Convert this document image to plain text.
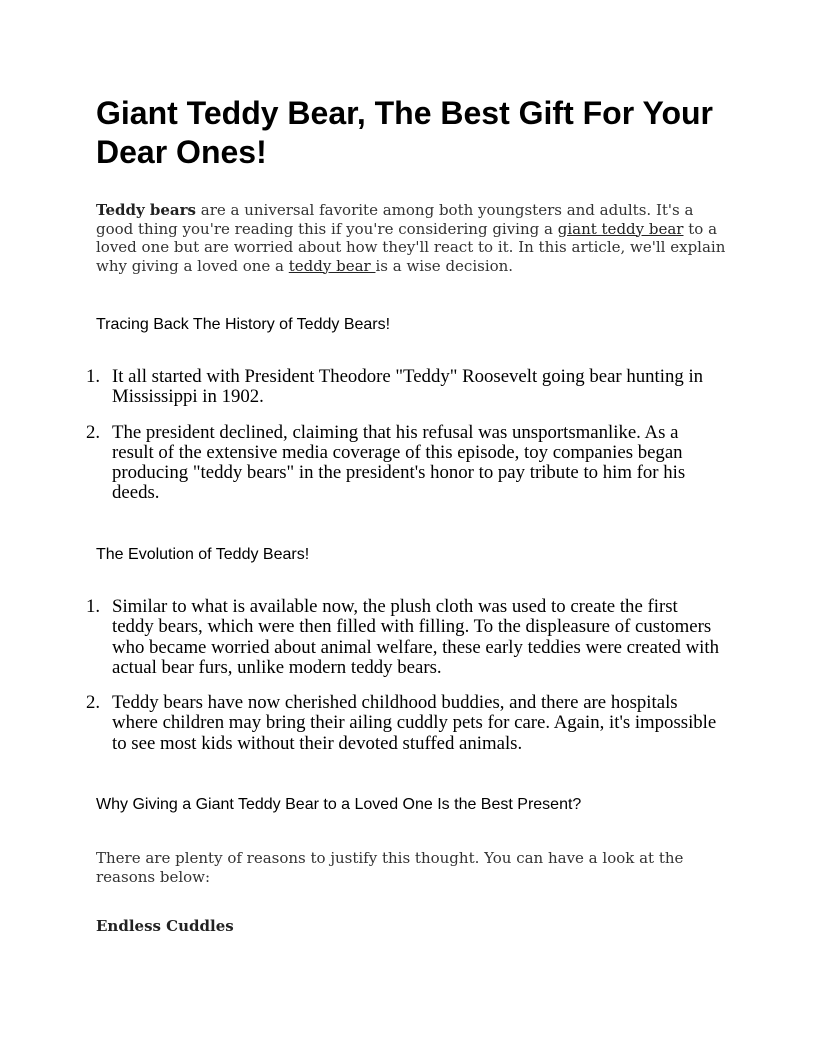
Giant Teddy Bear, The Best Gift For Your Dear Ones!

Teddy bears are a universal favorite among both youngsters and adults. It's a good thing you're reading this if you're considering giving a giant teddy bear to a loved one but are worried about how they'll react to it. In this article, we'll explain why giving a loved one a teddy bear is a wise decision.

Tracing Back The History of Teddy Bears!
1. It all started with President Theodore "Teddy" Roosevelt going bear hunting in Mississippi in 1902.
2. The president declined, claiming that his refusal was unsportsmanlike. As a result of the extensive media coverage of this episode, toy companies began producing "teddy bears" in the president's honor to pay tribute to him for his deeds.
The Evolution of Teddy Bears!
1. Similar to what is available now, the plush cloth was used to create the first teddy bears, which were then filled with filling. To the displeasure of customers who became worried about animal welfare, these early teddies were created with actual bear furs, unlike modern teddy bears.
2. Teddy bears have now cherished childhood buddies, and there are hospitals where children may bring their ailing cuddly pets for care. Again, it's impossible to see most kids without their devoted stuffed animals.
Why Giving a Giant Teddy Bear to a Loved One Is the Best Present?

There are plenty of reasons to justify this thought. You can have a look at the reasons below:

Endless Cuddles
